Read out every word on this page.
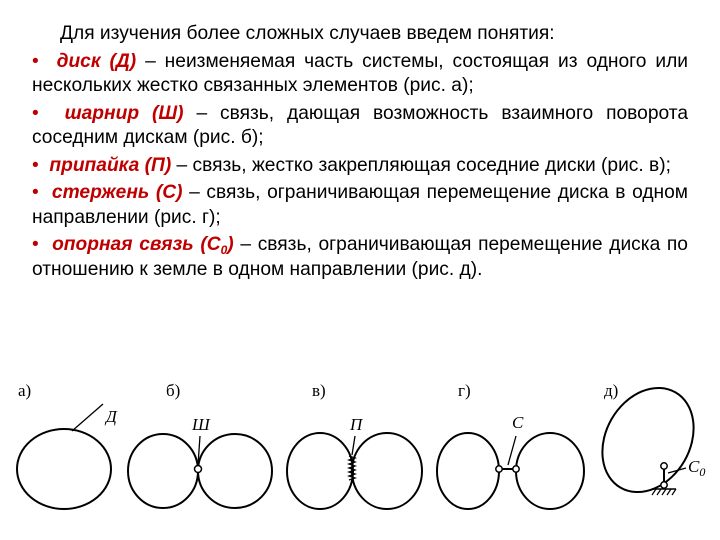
Для изучения более сложных случаев введем понятия:

• диск (Д) – неизменяемая часть системы, состоящая из одного или нескольких жестко связанных элементов (рис. а);
• шарнир (Ш) – связь, дающая возможность взаимного поворота соседним дискам (рис. б);
• припайка (П) – связь, жестко закрепляющая соседние диски (рис. в);
• стержень (С) – связь, ограничивающая перемещение диска в одном направлении (рис. г);
• опорная связь $(С_0)$ – связь, ограничивающая перемещение диска по отношению к земле в одном направлении (рис. д).
а)
Д
б)
Ш
в)
П
г)
С
д)
$C_0$
